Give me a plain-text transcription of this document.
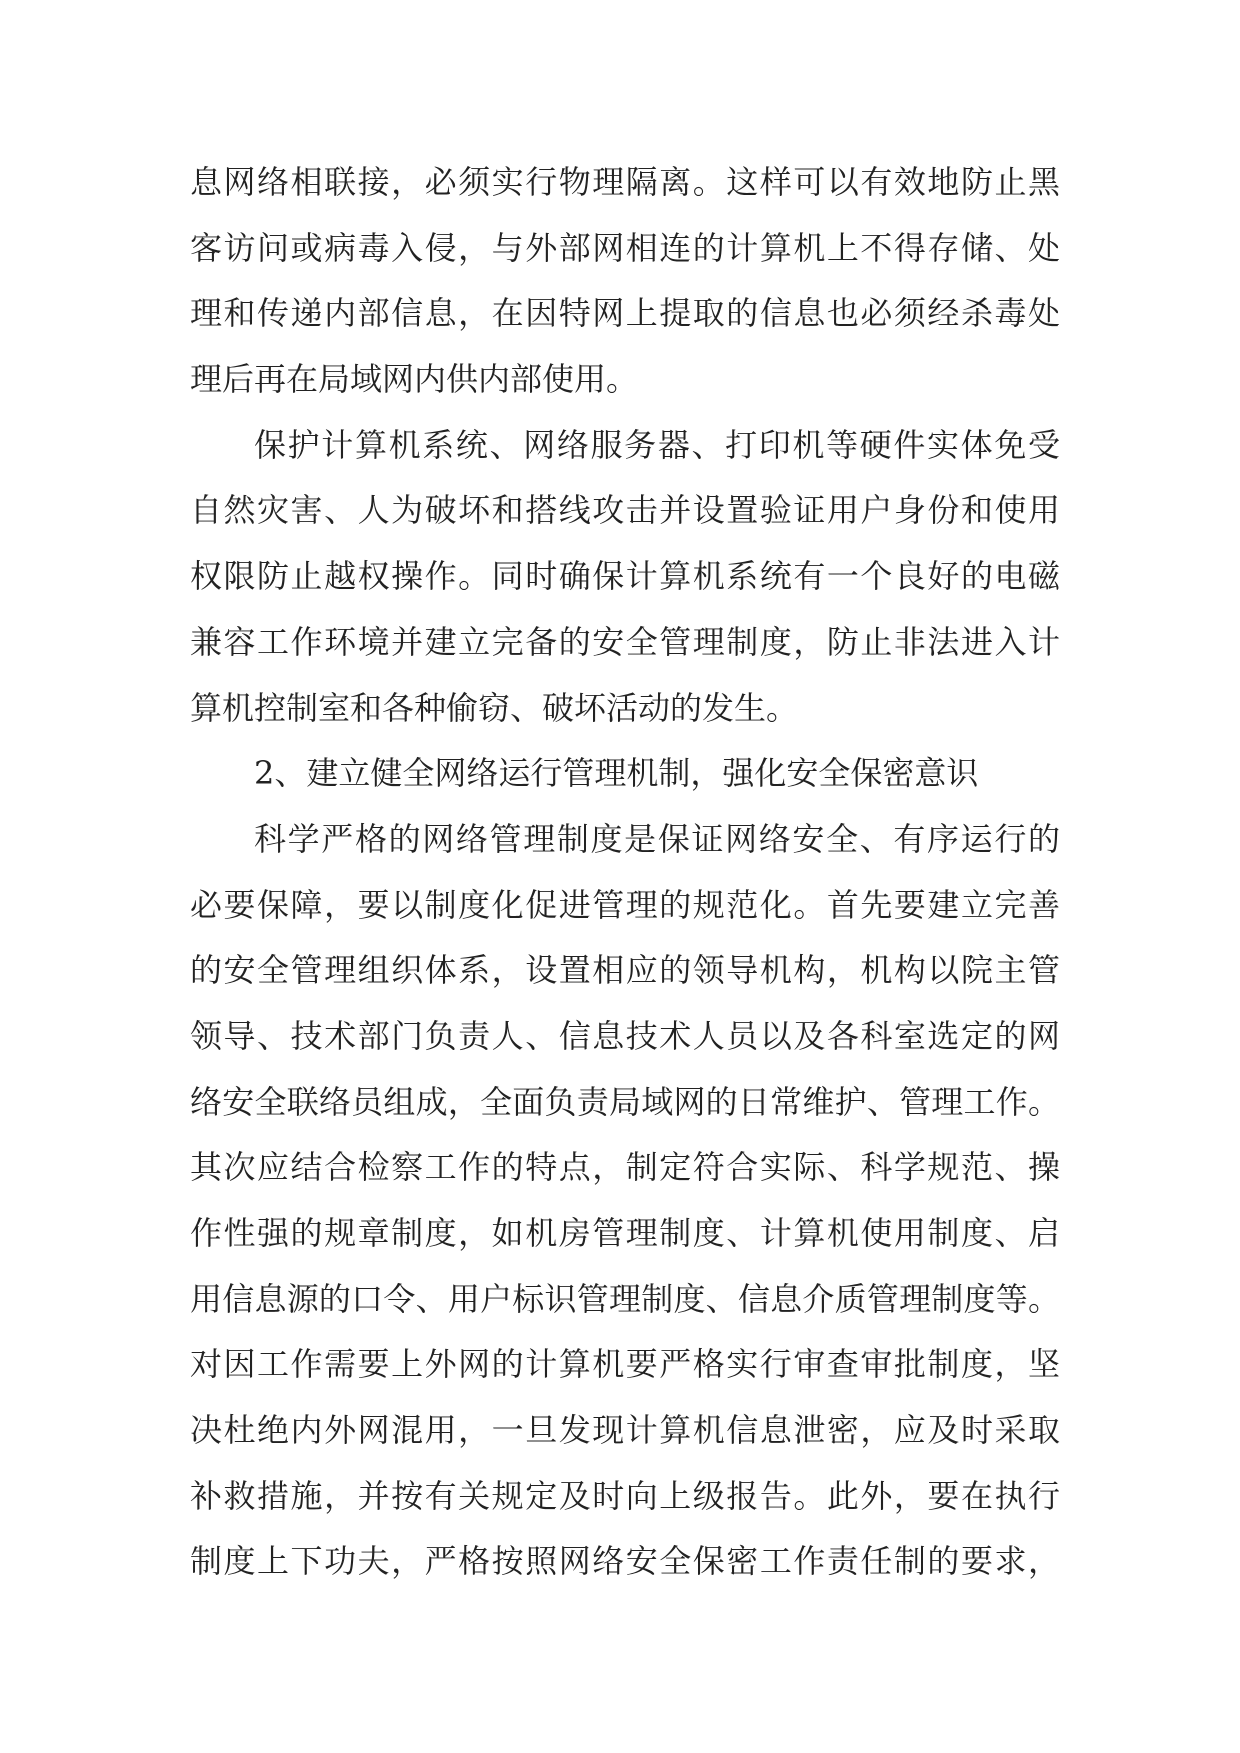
息网络相联接，必须实行物理隔离。这样可以有效地防止黑
客访问或病毒入侵，与外部网相连的计算机上不得存储、处
理和传递内部信息，在因特网上提取的信息也必须经杀毒处
理后再在局域网内供内部使用。
保护计算机系统、网络服务器、打印机等硬件实体免受
自然灾害、人为破坏和搭线攻击并设置验证用户身份和使用
权限防止越权操作。同时确保计算机系统有一个良好的电磁
兼容工作环境并建立完备的安全管理制度，防止非法进入计
算机控制室和各种偷窃、破坏活动的发生。
2、建立健全网络运行管理机制，强化安全保密意识
科学严格的网络管理制度是保证网络安全、有序运行的
必要保障，要以制度化促进管理的规范化。首先要建立完善
的安全管理组织体系，设置相应的领导机构，机构以院主管
领导、技术部门负责人、信息技术人员以及各科室选定的网
络安全联络员组成，全面负责局域网的日常维护、管理工作。
其次应结合检察工作的特点，制定符合实际、科学规范、操
作性强的规章制度，如机房管理制度、计算机使用制度、启
用信息源的口令、用户标识管理制度、信息介质管理制度等。
对因工作需要上外网的计算机要严格实行审查审批制度，坚
决杜绝内外网混用，一旦发现计算机信息泄密，应及时采取
补救措施，并按有关规定及时向上级报告。此外，要在执行
制度上下功夫，严格按照网络安全保密工作责任制的要求，
